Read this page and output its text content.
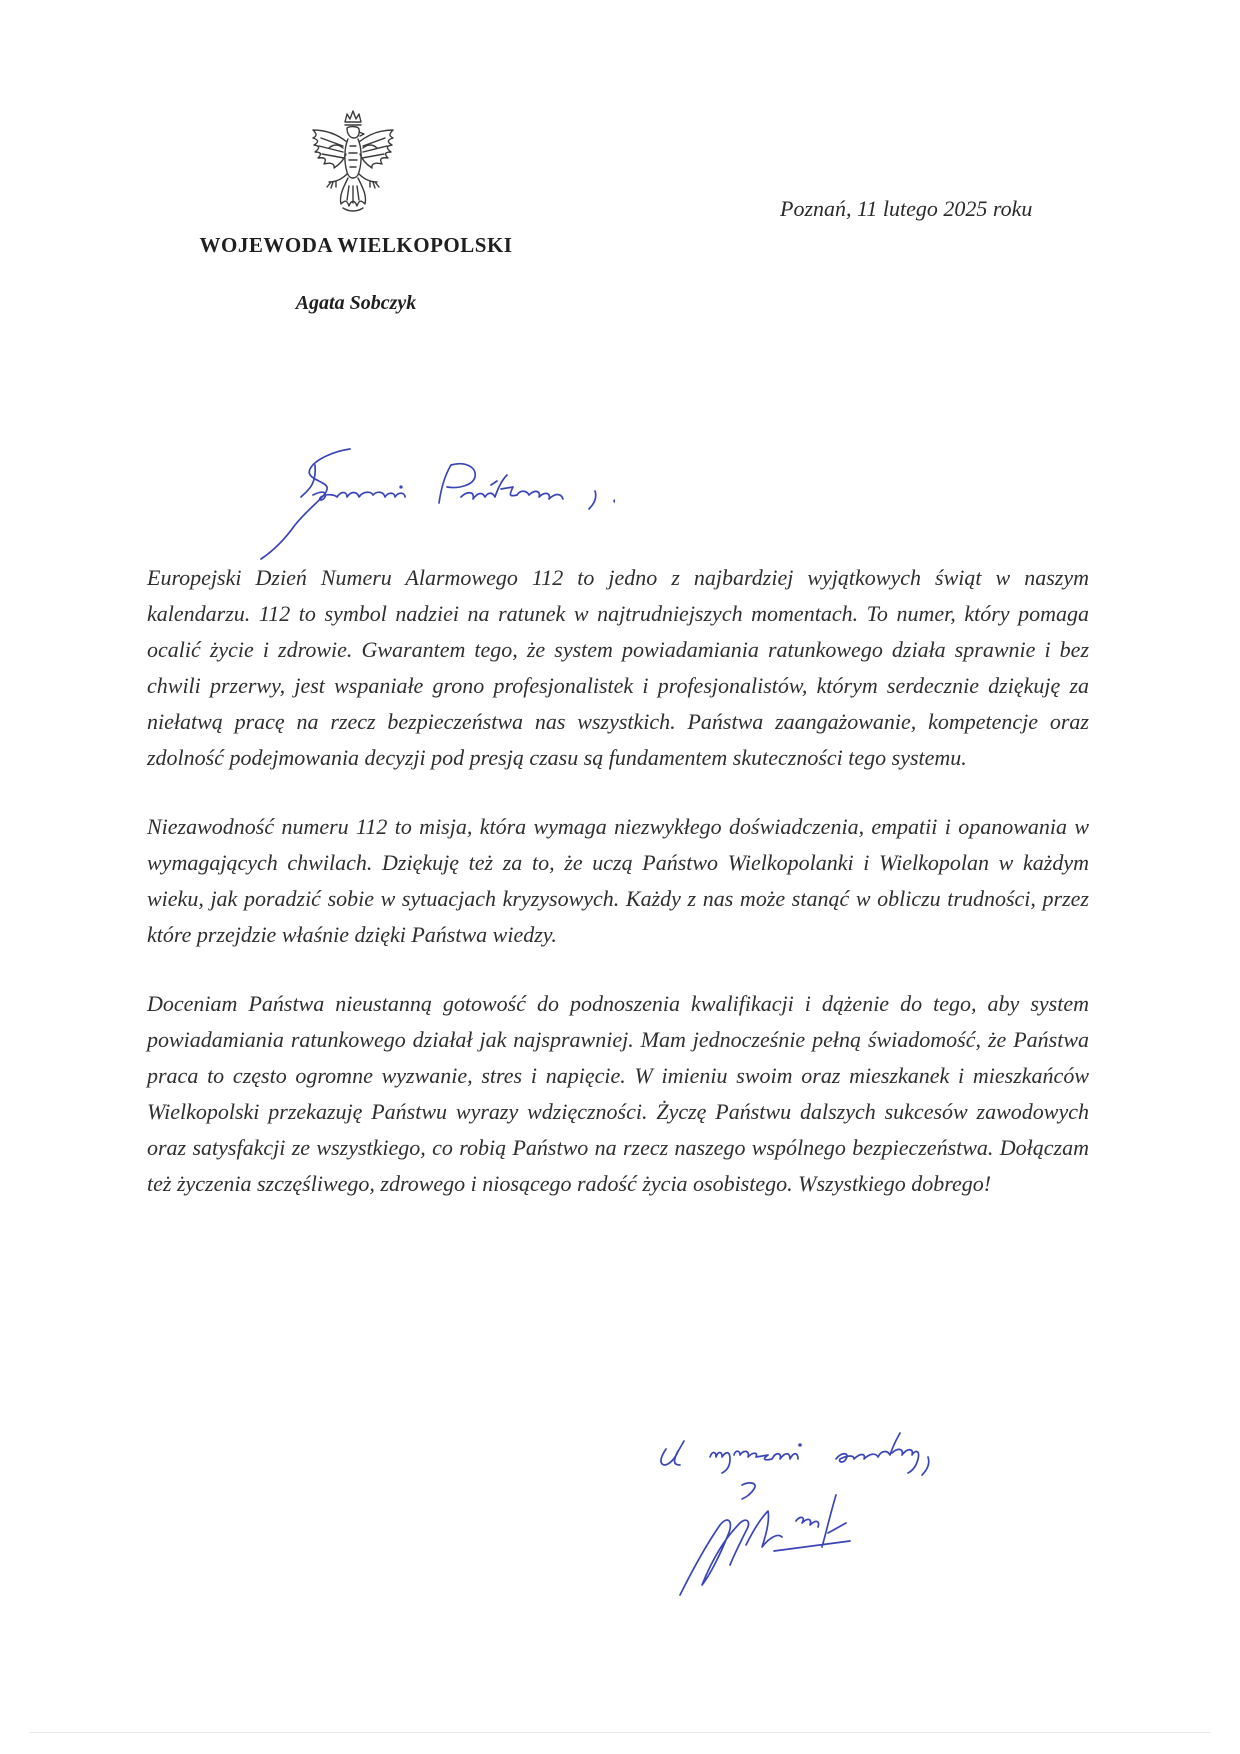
WOJEWODA WIELKOPOLSKI
Agata Sobczyk
Poznań, 11 lutego 2025 roku

Europejski Dzień Numeru Alarmowego 112 to jedno z najbardziej wyjątkowych świąt w naszym kalendarzu. 112 to symbol nadziei na ratunek w najtrudniejszych momentach. To numer, który pomaga ocalić życie i zdrowie. Gwarantem tego, że system powiadamiania ratunkowego działa sprawnie i bez chwili przerwy, jest wspaniałe grono profesjonalistek i profesjonalistów, którym serdecznie dziękuję za niełatwą pracę na rzecz bezpieczeństwa nas wszystkich. Państwa zaangażowanie, kompetencje oraz zdolność podejmowania decyzji pod presją czasu są fundamentem skuteczności tego systemu.

Niezawodność numeru 112 to misja, która wymaga niezwykłego doświadczenia, empatii i opanowania w wymagających chwilach. Dziękuję też za to, że uczą Państwo Wielkopolanki i Wielkopolan w każdym wieku, jak poradzić sobie w sytuacjach kryzysowych. Każdy z nas może stanąć w obliczu trudności, przez które przejdzie właśnie dzięki Państwa wiedzy.

Doceniam Państwa nieustanną gotowość do podnoszenia kwalifikacji i dążenie do tego, aby system powiadamiania ratunkowego działał jak najsprawniej. Mam jednocześnie pełną świadomość, że Państwa praca to często ogromne wyzwanie, stres i napięcie. W imieniu swoim oraz mieszkanek i mieszkańców Wielkopolski przekazuję Państwu wyrazy wdzięczności. Życzę Państwu dalszych sukcesów zawodowych oraz satysfakcji ze wszystkiego, co robią Państwo na rzecz naszego wspólnego bezpieczeństwa. Dołączam też życzenia szczęśliwego, zdrowego i niosącego radość życia osobistego. Wszystkiego dobrego!
